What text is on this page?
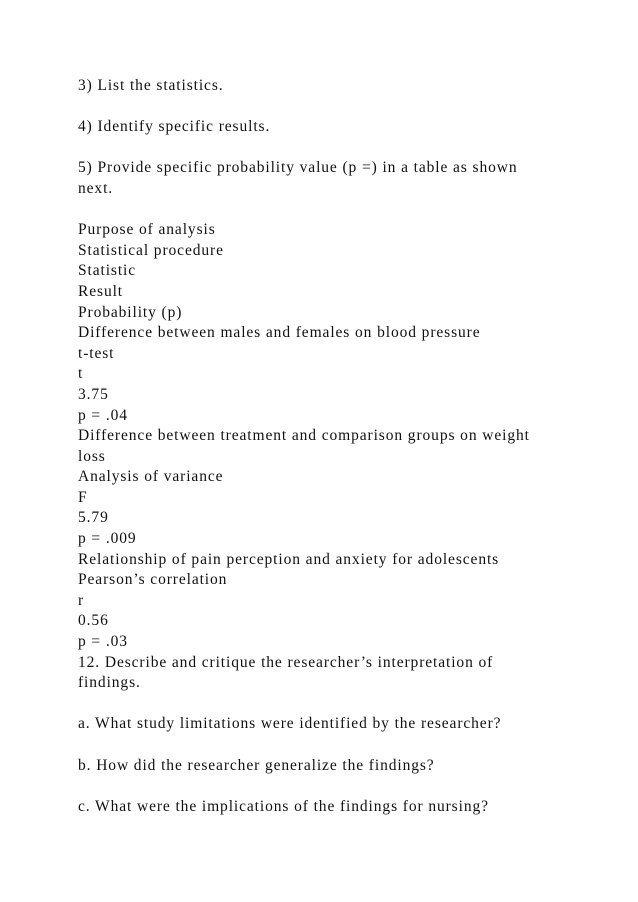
3) List the statistics.
4) Identify specific results.
5) Provide specific probability value (p =) in a table as shown
next.
Purpose of analysis
Statistical procedure
Statistic
Result
Probability (p)
Difference between males and females on blood pressure
t-test
t
3.75
p = .04
Difference between treatment and comparison groups on weight
loss
Analysis of variance
F
5.79
p = .009
Relationship of pain perception and anxiety for adolescents
Pearson’s correlation
r
0.56
p = .03
12. Describe and critique the researcher’s interpretation of
findings.
a. What study limitations were identified by the researcher?
b. How did the researcher generalize the findings?
c. What were the implications of the findings for nursing?
